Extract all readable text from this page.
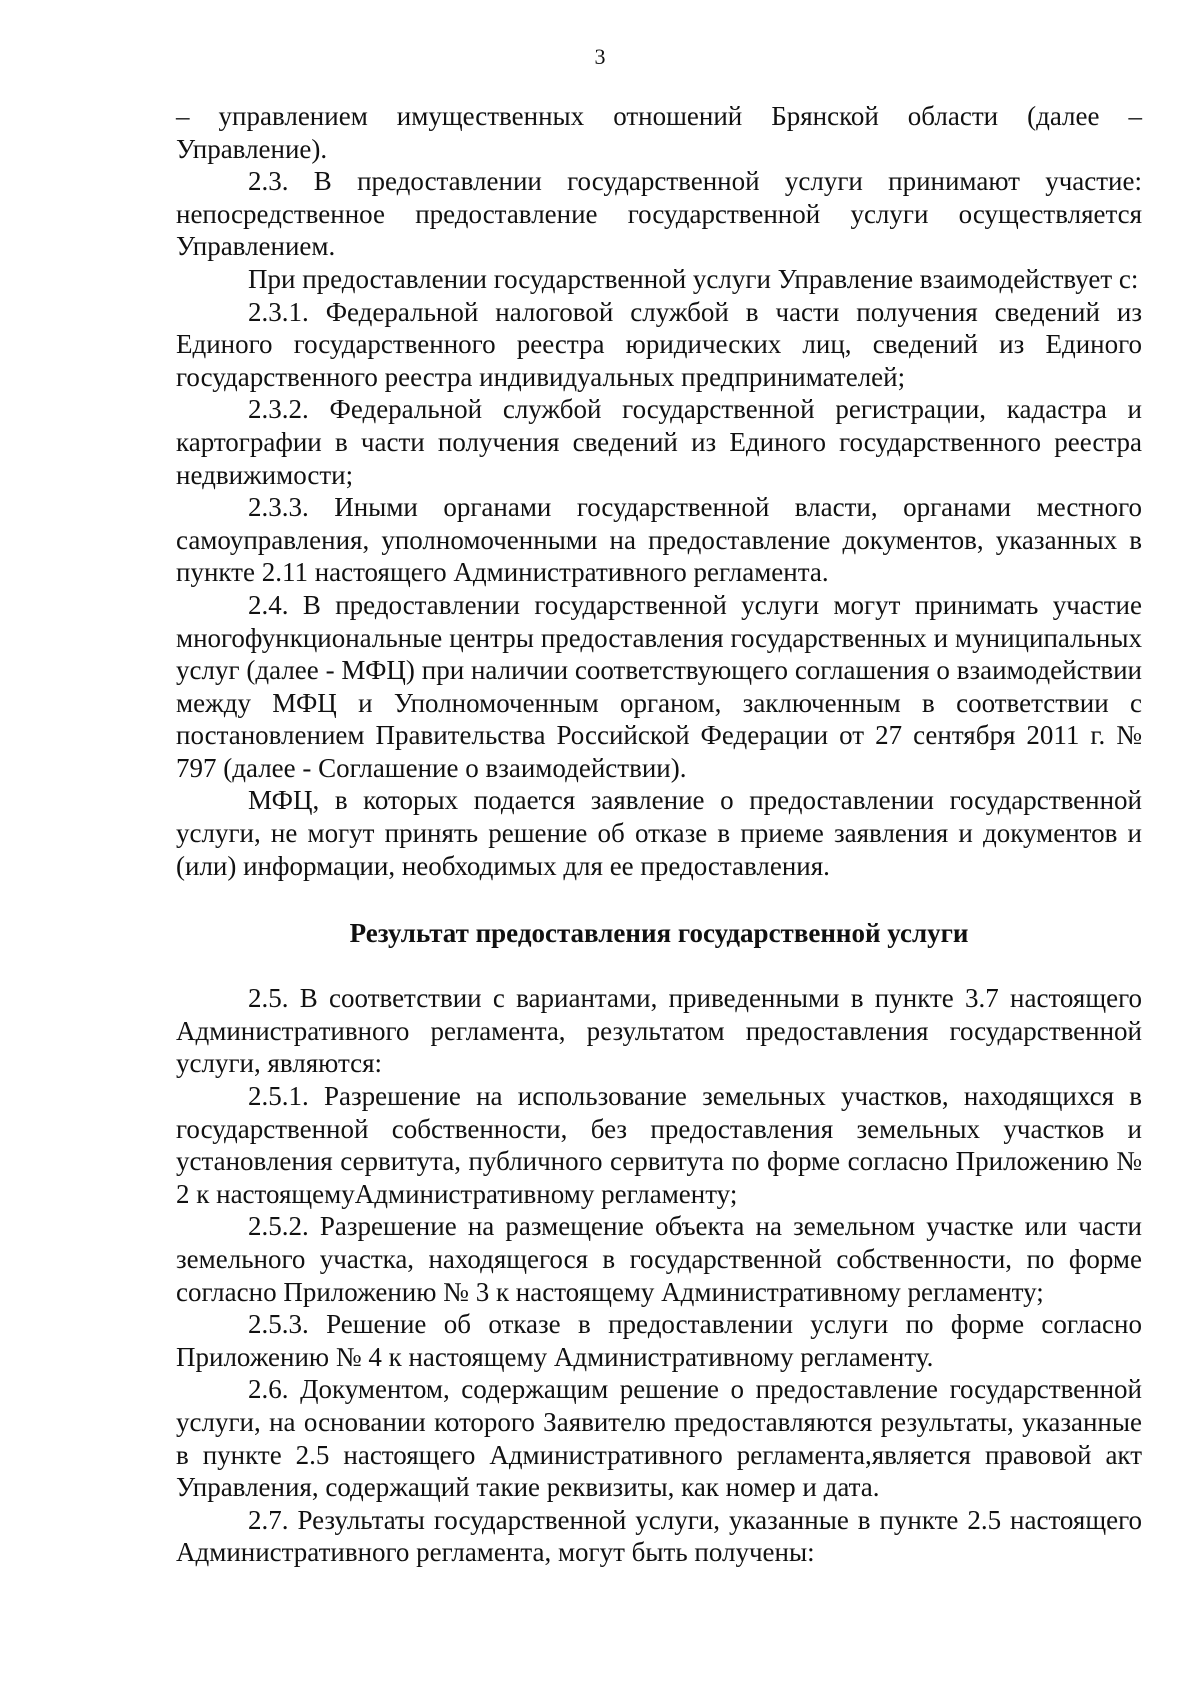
3

– управлением имущественных отношений Брянской области (далее – Управление).

2.3. В предоставлении государственной услуги принимают участие: непосредственное предоставление государственной услуги осуществляется Управлением.

При предоставлении государственной услуги Управление взаимодействует с:

2.3.1. Федеральной налоговой службой в части получения сведений из Единого государственного реестра юридических лиц, сведений из Единого государственного реестра индивидуальных предпринимателей;

2.3.2. Федеральной службой государственной регистрации, кадастра и картографии в части получения сведений из Единого государственного реестра недвижимости;

2.3.3. Иными органами государственной власти, органами местного самоуправления, уполномоченными на предоставление документов, указанных в пункте 2.11 настоящего Административного регламента.

2.4. В предоставлении государственной услуги могут принимать участие многофункциональные центры предоставления государственных и муниципальных услуг (далее - МФЦ) при наличии соответствующего соглашения о взаимодействии между МФЦ и Уполномоченным органом, заключенным в соответствии с постановлением Правительства Российской Федерации от 27 сентября 2011 г. № 797 (далее - Соглашение о взаимодействии).

МФЦ, в которых подается заявление о предоставлении государственной услуги, не могут принять решение об отказе в приеме заявления и документов и (или) информации, необходимых для ее предоставления.

Результат предоставления государственной услуги

2.5. В соответствии с вариантами, приведенными в пункте 3.7 настоящего Административного регламента, результатом предоставления государственной услуги, являются:

2.5.1. Разрешение на использование земельных участков, находящихся в государственной собственности, без предоставления земельных участков и установления сервитута, публичного сервитута по форме согласно Приложению № 2 к настоящемуАдминистративному регламенту;

2.5.2. Разрешение на размещение объекта на земельном участке или части земельного участка, находящегося в государственной собственности, по форме согласно Приложению № 3 к настоящему Административному регламенту;

2.5.3. Решение об отказе в предоставлении услуги по форме согласно Приложению № 4 к настоящему Административному регламенту.

2.6. Документом, содержащим решение о предоставление государственной услуги, на основании которого Заявителю предоставляются результаты, указанные в пункте 2.5 настоящего Административного регламента,является правовой акт Управления, содержащий такие реквизиты, как номер и дата.

2.7. Результаты государственной услуги, указанные в пункте 2.5 настоящего Административного регламента, могут быть получены:
